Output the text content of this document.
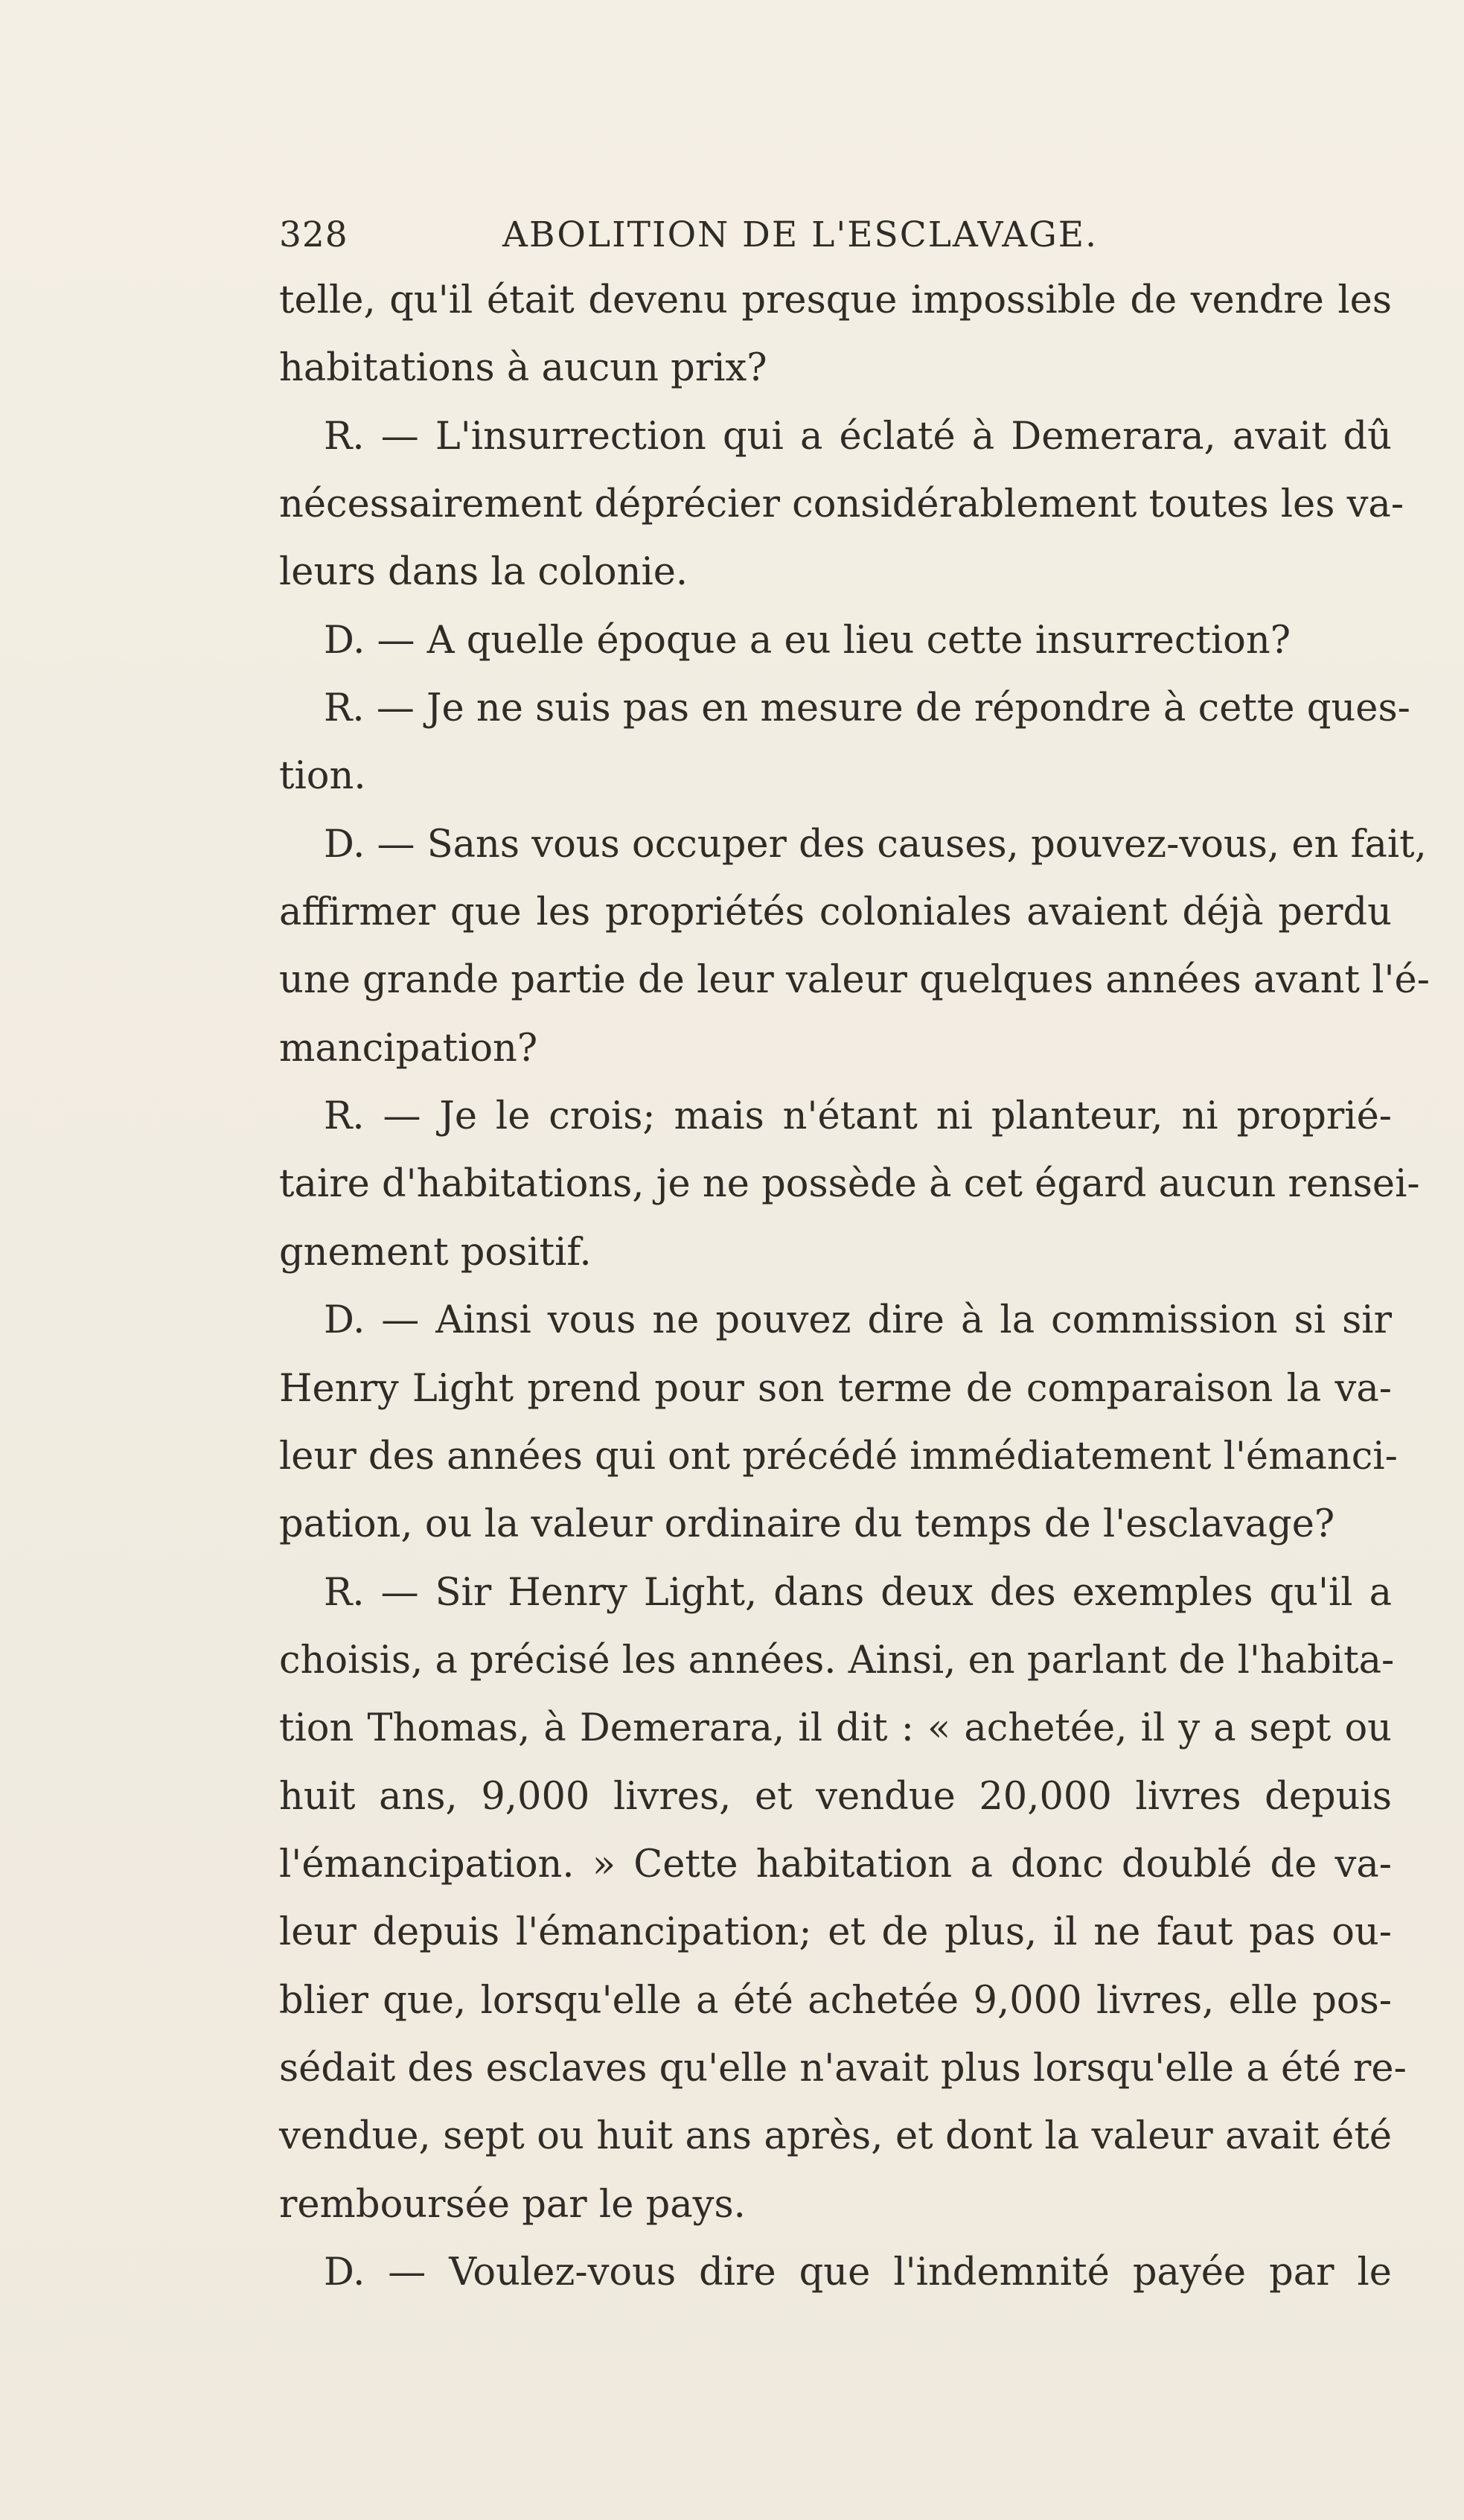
328	ABOLITION DE L'ESCLAVAGE.
telle, qu'il était devenu presque impossible de vendre les
habitations à aucun prix?
R. — L'insurrection qui a éclaté à Demerara, avait dû
nécessairement déprécier considérablement toutes les va-
leurs dans la colonie.
D. — A quelle époque a eu lieu cette insurrection?
R. — Je ne suis pas en mesure de répondre à cette ques-
tion.
D. — Sans vous occuper des causes, pouvez-vous, en fait,
affirmer que les propriétés coloniales avaient déjà perdu
une grande partie de leur valeur quelques années avant l'é-
mancipation?
R. — Je le crois; mais n'étant ni planteur, ni proprié-
taire d'habitations, je ne possède à cet égard aucun rensei-
gnement positif.
D. — Ainsi vous ne pouvez dire à la commission si sir
Henry Light prend pour son terme de comparaison la va-
leur des années qui ont précédé immédiatement l'émanci-
pation, ou la valeur ordinaire du temps de l'esclavage?
R. — Sir Henry Light, dans deux des exemples qu'il a
choisis, a précisé les années. Ainsi, en parlant de l'habita-
tion Thomas, à Demerara, il dit : « achetée, il y a sept ou
huit ans, 9,000 livres, et vendue 20,000 livres depuis
l'émancipation. » Cette habitation a donc doublé de va-
leur depuis l'émancipation; et de plus, il ne faut pas ou-
blier que, lorsqu'elle a été achetée 9,000 livres, elle pos-
sédait des esclaves qu'elle n'avait plus lorsqu'elle a été re-
vendue, sept ou huit ans après, et dont la valeur avait été
remboursée par le pays.
D. — Voulez-vous dire que l'indemnité payée par le
